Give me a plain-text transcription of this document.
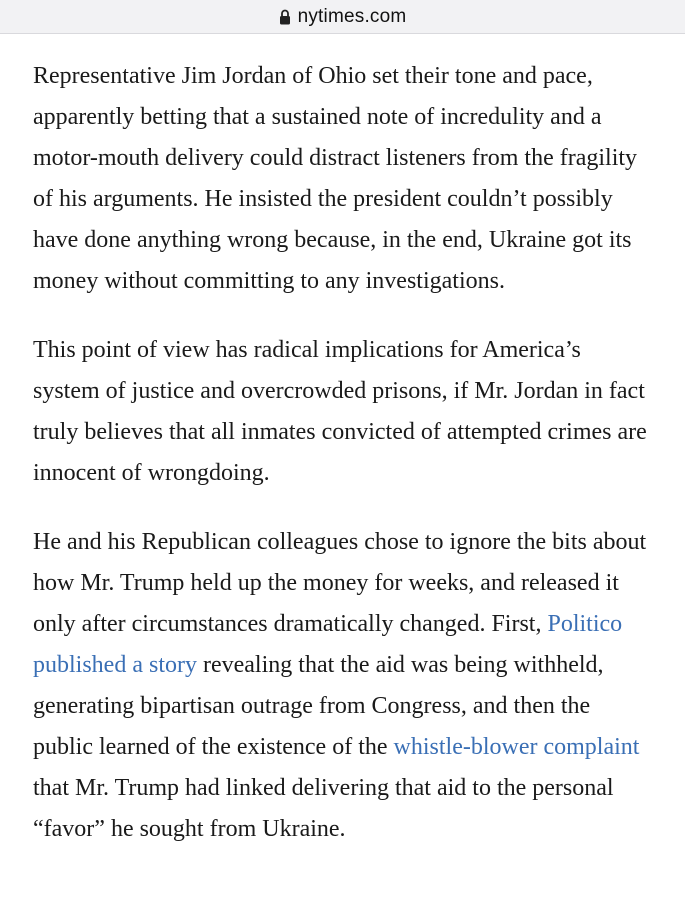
nytimes.com

Representative Jim Jordan of Ohio set their tone and pace, apparently betting that a sustained note of incredulity and a motor-mouth delivery could distract listeners from the fragility of his arguments. He insisted the president couldn’t possibly have done anything wrong because, in the end, Ukraine got its money without committing to any investigations.

This point of view has radical implications for America’s system of justice and overcrowded prisons, if Mr. Jordan in fact truly believes that all inmates convicted of attempted crimes are innocent of wrongdoing.

He and his Republican colleagues chose to ignore the bits about how Mr. Trump held up the money for weeks, and released it only after circumstances dramatically changed. First, Politico published a story revealing that the aid was being withheld, generating bipartisan outrage from Congress, and then the public learned of the existence of the whistle-blower complaint that Mr. Trump had linked delivering that aid to the personal “favor” he sought from Ukraine.
